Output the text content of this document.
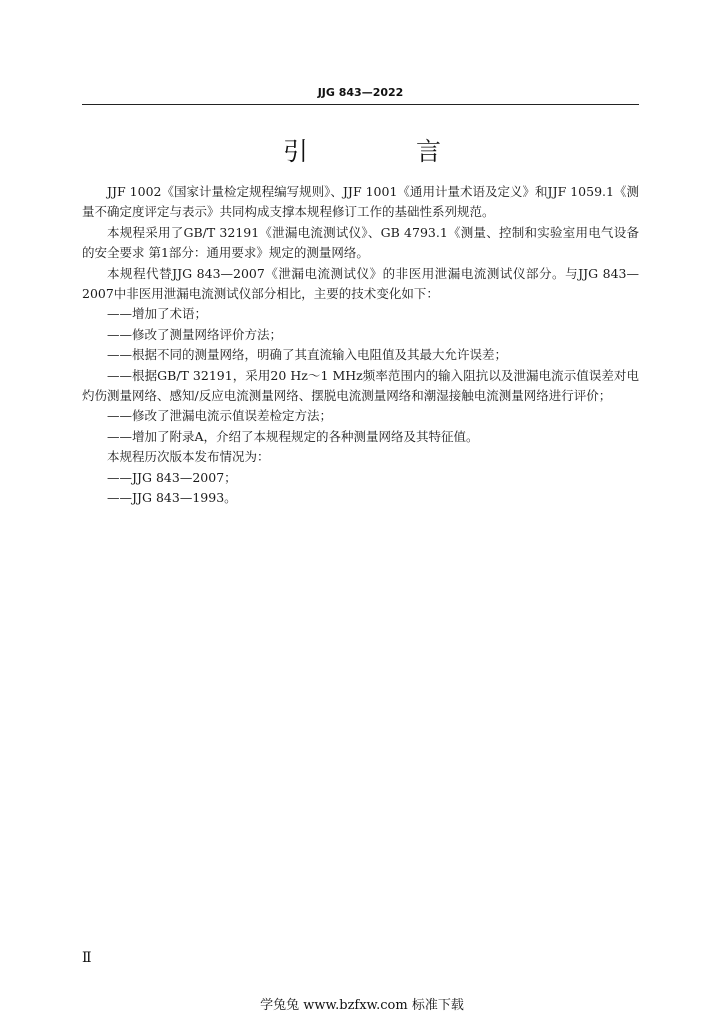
JJG 843—2022
引 言

JJF 1002《国家计量检定规程编写规则》、JJF 1001《通用计量术语及定义》和JJF 1059.1《测量不确定度评定与表示》共同构成支撑本规程修订工作的基础性系列规范。

本规程采用了GB/T 32191《泄漏电流测试仪》、GB 4793.1《测量、控制和实验室用电气设备的安全要求 第1部分：通用要求》规定的测量网络。

本规程代替JJG 843—2007《泄漏电流测试仪》的非医用泄漏电流测试仪部分。与JJG 843—2007中非医用泄漏电流测试仪部分相比，主要的技术变化如下：

——增加了术语；

——修改了测量网络评价方法；

——根据不同的测量网络，明确了其直流输入电阻值及其最大允许误差；

——根据GB/T 32191，采用20 Hz～1 MHz频率范围内的输入阻抗以及泄漏电流示值误差对电灼伤测量网络、感知/反应电流测量网络、摆脱电流测量网络和潮湿接触电流测量网络进行评价；

——修改了泄漏电流示值误差检定方法；

——增加了附录A，介绍了本规程规定的各种测量网络及其特征值。

本规程历次版本发布情况为：

——JJG 843—2007；

——JJG 843—1993。

Ⅱ
学兔兔 www.bzfxw.com 标准下载
